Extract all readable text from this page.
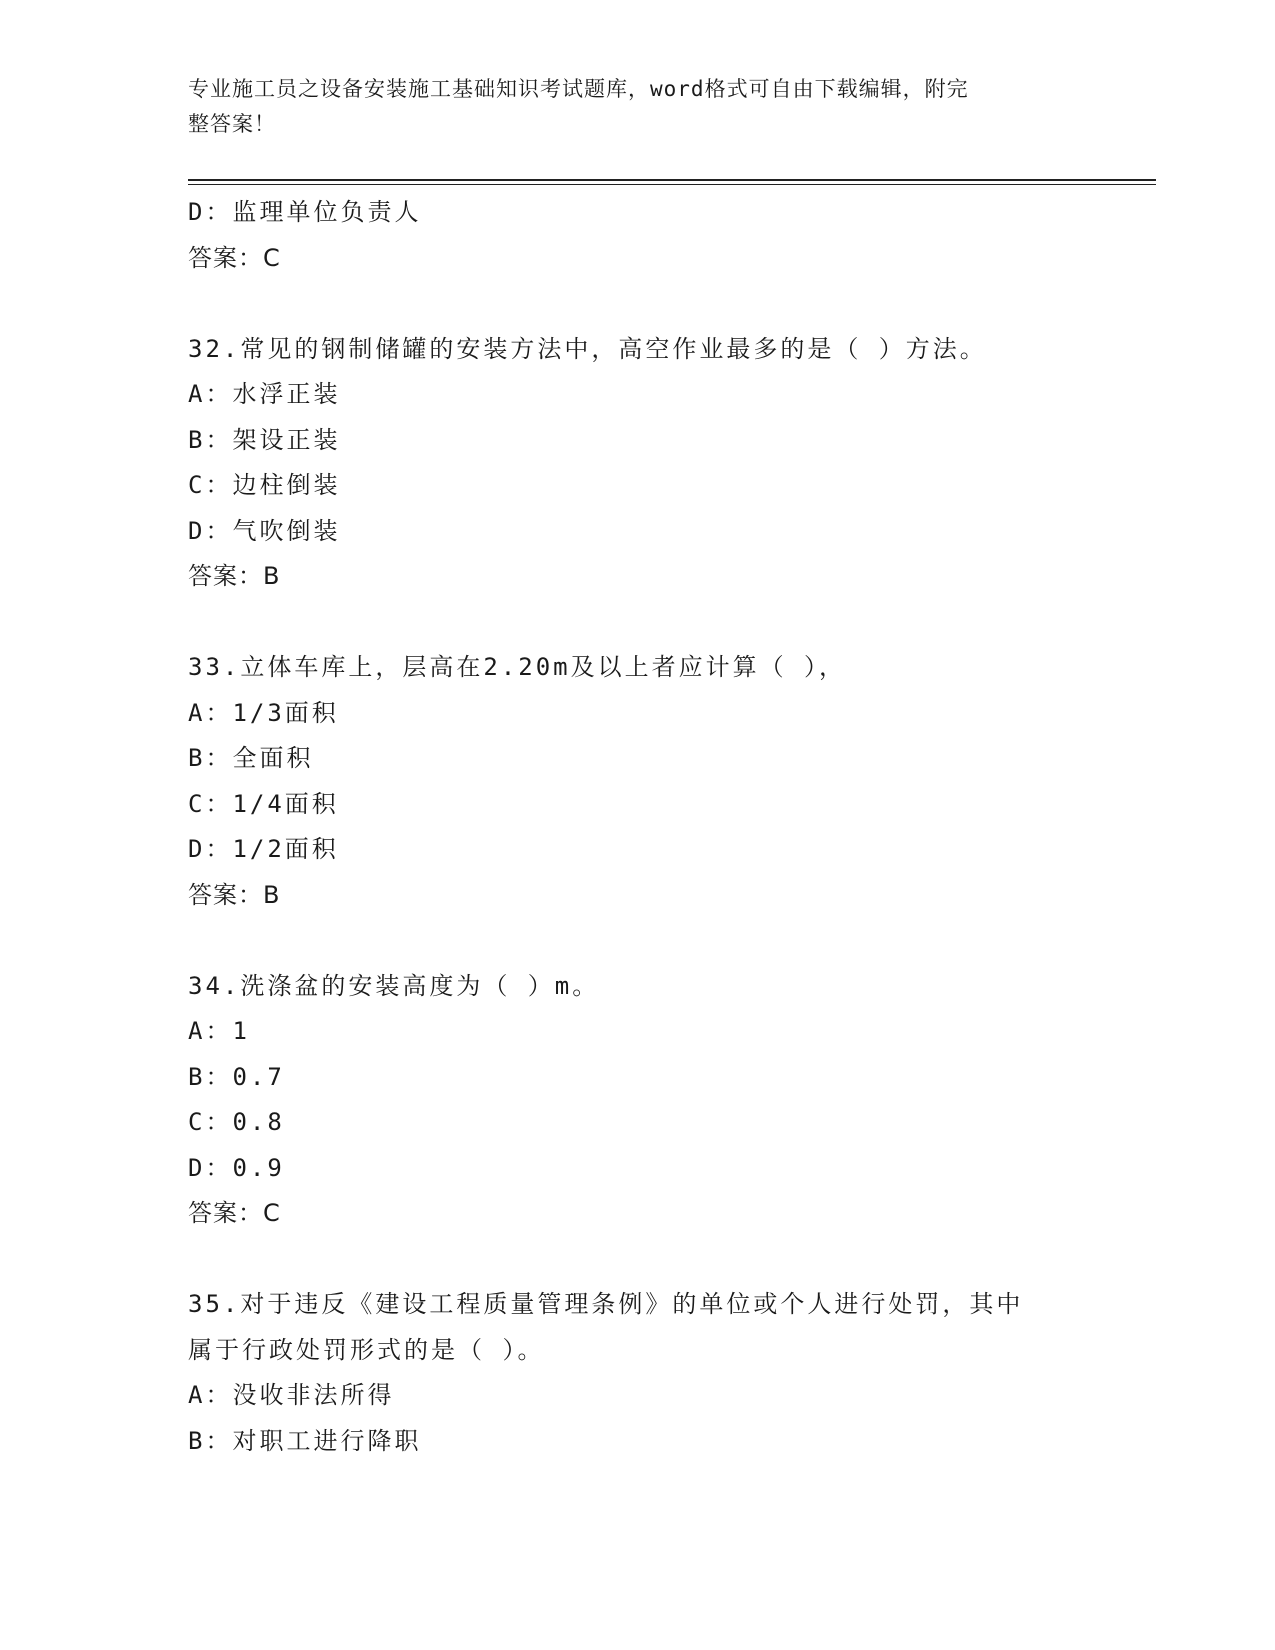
专业施工员之设备安装施工基础知识考试题库，word格式可自由下载编辑，附完
整答案！
D：监理单位负责人
答案：C
32.常见的钢制储罐的安装方法中，高空作业最多的是（ ）方法。
A：水浮正装
B：架设正装
C：边柱倒装
D：气吹倒装
答案：B
33.立体车库上，层高在2.20m及以上者应计算（ ），
A：1/3面积
B：全面积
C：1/4面积
D：1/2面积
答案：B
34.洗涤盆的安装高度为（ ）m。
A：1
B：0.7
C：0.8
D：0.9
答案：C
35.对于违反《建设工程质量管理条例》的单位或个人进行处罚，其中
属于行政处罚形式的是（ ）。
A：没收非法所得
B：对职工进行降职
